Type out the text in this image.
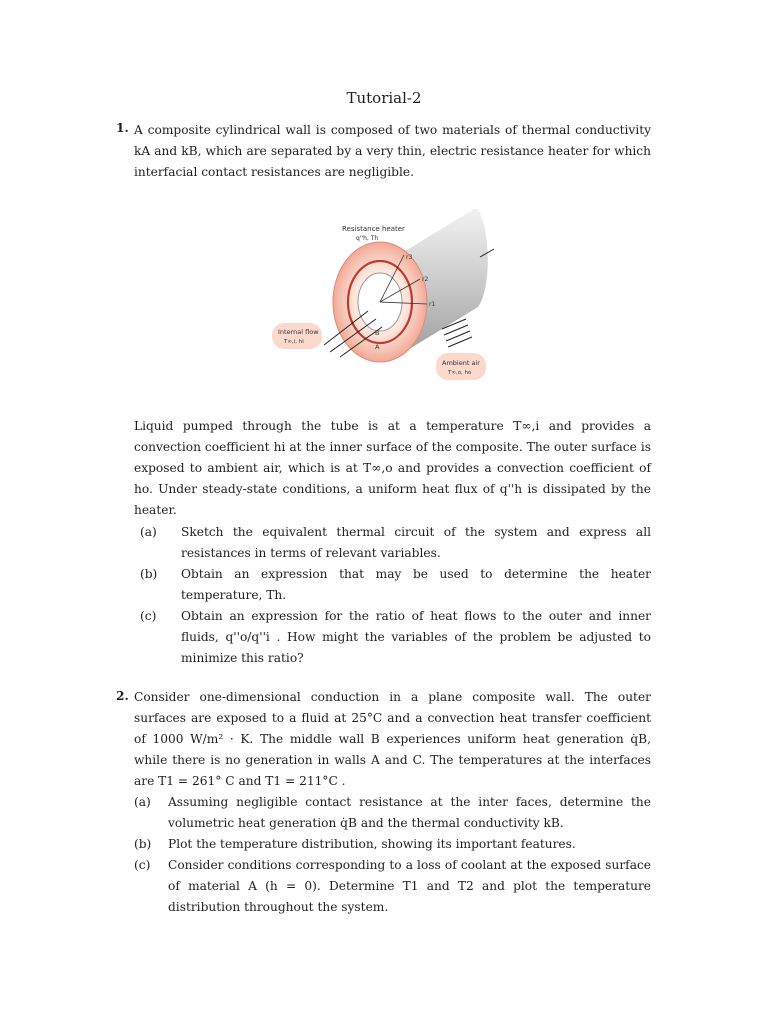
Tutorial-2
1. A composite cylindrical wall is composed of two materials of thermal conductivity kA and kB, which are separated by a very thin, electric resistance heater for which interfacial contact resistances are negligible.
Resistance heater
q''h, Th
r3
r2
r1
B
A
Internal flow
T∞,i, hi
Ambient air
T∞,o, ho
Liquid pumped through the tube is at a temperature T∞,i and provides a convection coefficient hi at the inner surface of the composite. The outer surface is exposed to ambient air, which is at T∞,o and provides a convection coefficient of ho. Under steady-state conditions, a uniform heat flux of q''h is dissipated by the heater.
(a) Sketch the equivalent thermal circuit of the system and express all resistances in terms of relevant variables.
(b) Obtain an expression that may be used to determine the heater temperature, Th.
(c) Obtain an expression for the ratio of heat flows to the outer and inner fluids, q''o/q''i . How might the variables of the problem be adjusted to minimize this ratio?
2. Consider one-dimensional conduction in a plane composite wall. The outer surfaces are exposed to a fluid at 25°C and a convection heat transfer coefficient of 1000 W/m² · K. The middle wall B experiences uniform heat generation q̇B, while there is no generation in walls A and C. The temperatures at the interfaces are T1 = 261° C and T1 = 211°C .
(a) Assuming negligible contact resistance at the inter faces, determine the volumetric heat generation q̇B and the thermal conductivity kB.
(b) Plot the temperature distribution, showing its important features.
(c) Consider conditions corresponding to a loss of coolant at the exposed surface of material A (h = 0). Determine T1 and T2 and plot the temperature distribution throughout the system.
